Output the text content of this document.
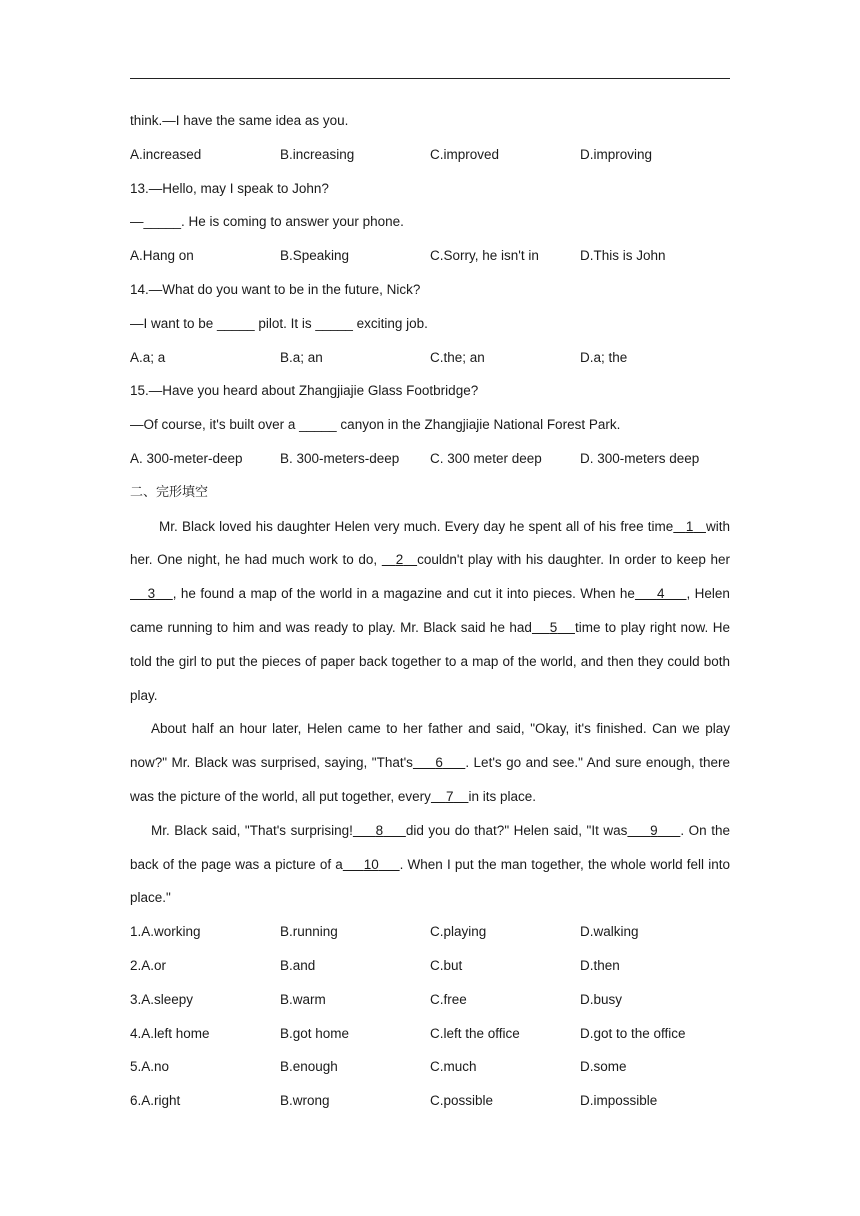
think.—I have the same idea as you.
A.increased	B.increasing	C.improved	D.improving
13.—Hello, may I speak to John?
—_____. He is coming to answer your phone.
A.Hang on	B.Speaking	C.Sorry, he isn't in	D.This is John
14.—What do you want to be in the future, Nick?
—I want to be _____ pilot. It is _____ exciting job.
A.a; a	B.a; an	C.the; an	D.a; the
15.—Have you heard about Zhangjiajie Glass Footbridge?
—Of course, it's built over a _____ canyon in the Zhangjiajie National Forest Park.
A. 300-meter-deep	B. 300-meters-deep	C. 300 meter deep	D. 300-meters deep
二、完形填空

Mr. Black loved his daughter Helen very much. Every day he spent all of his free time 1 with her. One night, he had much work to do,    2 couldn't play with his daughter. In order to keep her    3 , he found a map of the world in a magazine and cut it into pieces. When he 4 , Helen came running to him and was ready to play. Mr. Black said he had 5 time to play right now. He told the girl to put the pieces of paper back together to a map of the world, and then they could both play.

About half an hour later, Helen came to her father and said, "Okay, it's finished. Can we play now?" Mr. Black was surprised, saying, "That's 6 . Let's go and see." And sure enough, there was the picture of the world, all put together, every 7 in its place.

Mr. Black said, "That's surprising! 8 did you do that?" Helen said, "It was 9 . On the back of the page was a picture of a 10 . When I put the man together, the whole world fell into place."

1.A.working	B.running	C.playing	D.walking
2.A.or	B.and	C.but	D.then
3.A.sleepy	B.warm	C.free	D.busy
4.A.left home	B.got home	C.left the office	D.got to the office
5.A.no	B.enough	C.much	D.some
6.A.right	B.wrong	C.possible	D.impossible
